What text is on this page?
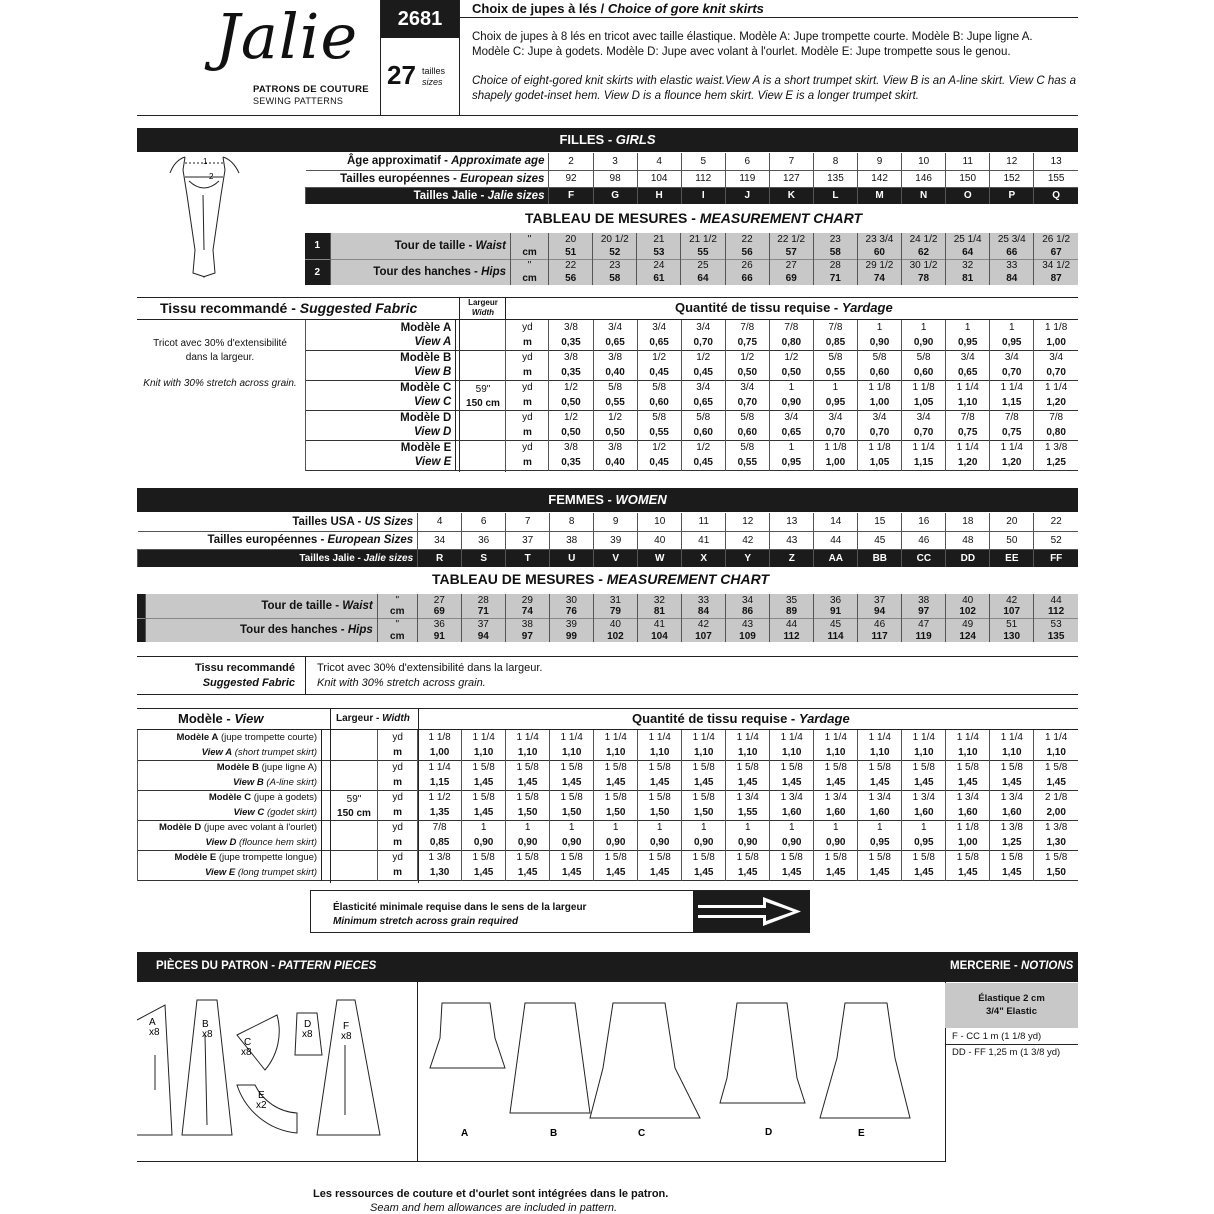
Jalie
PATRONS DE COUTURE
SEWING PATTERNS
2681
27 tailles
sizes
Choix de jupes à lés / Choice of gore knit skirts
Choix de jupes à 8 lés en tricot avec taille élastique. Modèle A: Jupe trompette courte. Modèle B: Jupe ligne A. Modèle C: Jupe à godets. Modèle D: Jupe avec volant à l'ourlet. Modèle E: Jupe trompette sous le genou.
Choice of eight-gored knit skirts with elastic waist.View A is a short trumpet skirt. View B is an A-line skirt. View C has a shapely godet-inset hem. View D is a flounce hem skirt. View E is a longer trumpet skirt.
FILLES - GIRLS
1
2
Âge approximatif - Approximate age	2	3	4	5	6	7	8	9	10	11	12	13
Tailles européennes - European sizes	92	98	104	112	119	127	135	142	146	150	152	155
Tailles Jalie - Jalie sizes	F	G	H	I	J	K	L	M	N	O	P	Q
TABLEAU DE MESURES - MEASUREMENT CHART
1	Tour de taille - Waist	"	20	20 1/2	21	21 1/2	22	22 1/2	23	23 3/4	24 1/2	25 1/4	25 3/4	26 1/2
		cm	51	52	53	55	56	57	58	60	62	64	66	67
2	Tour des hanches - Hips	"	22	23	24	25	26	27	28	29 1/2	30 1/2	32	33	34 1/2
		cm	56	58	61	64	66	69	71	74	78	81	84	87
Tissu recommandé - Suggested Fabric	Largeur
Width	Quantité de tissu requise - Yardage
Tricot avec 30% d'extensibilité
dans la largeur.
Knit with 30% stretch across grain.
59"
150 cm
Modèle A		yd	3/8	3/4	3/4	3/4	7/8	7/8	7/8	1	1	1	1	1 1/8
View A		m	0,35	0,65	0,65	0,70	0,75	0,80	0,85	0,90	0,90	0,95	0,95	1,00
Modèle B		yd	3/8	3/8	1/2	1/2	1/2	1/2	5/8	5/8	5/8	3/4	3/4	3/4
View B		m	0,35	0,40	0,45	0,45	0,50	0,50	0,55	0,60	0,60	0,65	0,70	0,70
Modèle C		yd	1/2	5/8	5/8	3/4	3/4	1	1	1 1/8	1 1/8	1 1/4	1 1/4	1 1/4
View C		m	0,50	0,55	0,60	0,65	0,70	0,90	0,95	1,00	1,05	1,10	1,15	1,20
Modèle D		yd	1/2	1/2	5/8	5/8	5/8	3/4	3/4	3/4	3/4	7/8	7/8	7/8
View D		m	0,50	0,50	0,55	0,60	0,60	0,65	0,70	0,70	0,70	0,75	0,75	0,80
Modèle E		yd	3/8	3/8	1/2	1/2	5/8	1	1 1/8	1 1/8	1 1/4	1 1/4	1 1/4	1 3/8
View E		m	0,35	0,40	0,45	0,45	0,55	0,95	1,00	1,05	1,15	1,20	1,20	1,25
FEMMES - WOMEN
Tailles USA - US Sizes	4	6	7	8	9	10	11	12	13	14	15	16	18	20	22
Tailles européennes - European Sizes	34	36	37	38	39	40	41	42	43	44	45	46	48	50	52
Tailles Jalie - Jalie sizes	R	S	T	U	V	W	X	Y	Z	AA	BB	CC	DD	EE	FF
TABLEAU DE MESURES - MEASUREMENT CHART
	Tour de taille - Waist	"	27	28	29	30	31	32	33	34	35	36	37	38	40	42	44
		cm	69	71	74	76	79	81	84	86	89	91	94	97	102	107	112
	Tour des hanches - Hips	"	36	37	38	39	40	41	42	43	44	45	46	47	49	51	53
		cm	91	94	97	99	102	104	107	109	112	114	117	119	124	130	135
Tissu recommandé
Suggested Fabric
Tricot avec 30% d'extensibilité dans la largeur.
Knit with 30% stretch across grain.
Modèle - View	Largeur - Width	Quantité de tissu requise - Yardage
59"
150 cm
Modèle A (jupe trompette courte)		yd	1 1/8	1 1/4	1 1/4	1 1/4	1 1/4	1 1/4	1 1/4	1 1/4	1 1/4	1 1/4	1 1/4	1 1/4	1 1/4	1 1/4	1 1/4
View A (short trumpet skirt)		m	1,00	1,10	1,10	1,10	1,10	1,10	1,10	1,10	1,10	1,10	1,10	1,10	1,10	1,10	1,10
Modèle B (jupe ligne A)		yd	1 1/4	1 5/8	1 5/8	1 5/8	1 5/8	1 5/8	1 5/8	1 5/8	1 5/8	1 5/8	1 5/8	1 5/8	1 5/8	1 5/8	1 5/8
View B (A-line skirt)		m	1,15	1,45	1,45	1,45	1,45	1,45	1,45	1,45	1,45	1,45	1,45	1,45	1,45	1,45	1,45
Modèle C (jupe à godets)		yd	1 1/2	1 5/8	1 5/8	1 5/8	1 5/8	1 5/8	1 5/8	1 3/4	1 3/4	1 3/4	1 3/4	1 3/4	1 3/4	1 3/4	2 1/8
View C (godet skirt)		m	1,35	1,45	1,50	1,50	1,50	1,50	1,50	1,55	1,60	1,60	1,60	1,60	1,60	1,60	2,00
Modèle D (jupe avec volant à l'ourlet)		yd	7/8	1	1	1	1	1	1	1	1	1	1	1	1 1/8	1 3/8	1 3/8
View D (flounce hem skirt)		m	0,85	0,90	0,90	0,90	0,90	0,90	0,90	0,90	0,90	0,90	0,95	0,95	1,00	1,25	1,30
Modèle E (jupe trompette longue)		yd	1 3/8	1 5/8	1 5/8	1 5/8	1 5/8	1 5/8	1 5/8	1 5/8	1 5/8	1 5/8	1 5/8	1 5/8	1 5/8	1 5/8	1 5/8
View E (long trumpet skirt)		m	1,30	1,45	1,45	1,45	1,45	1,45	1,45	1,45	1,45	1,45	1,45	1,45	1,45	1,45	1,50
Élasticité minimale requise dans le sens de la largeur
Minimum stretch across grain required
PIÈCES DU PATRON - PATTERN PIECES	MERCERIE - NOTIONS
A
x8
B
x8
C
x8
D
x8
E
x2
F
x8
A	B	C	D	E
Élastique 2 cm
3/4" Elastic
F - CC 1 m (1 1/8 yd)
DD - FF 1,25 m (1 3/8 yd)
Les ressources de couture et d'ourlet sont intégrées dans le patron.
Seam and hem allowances are included in pattern.
